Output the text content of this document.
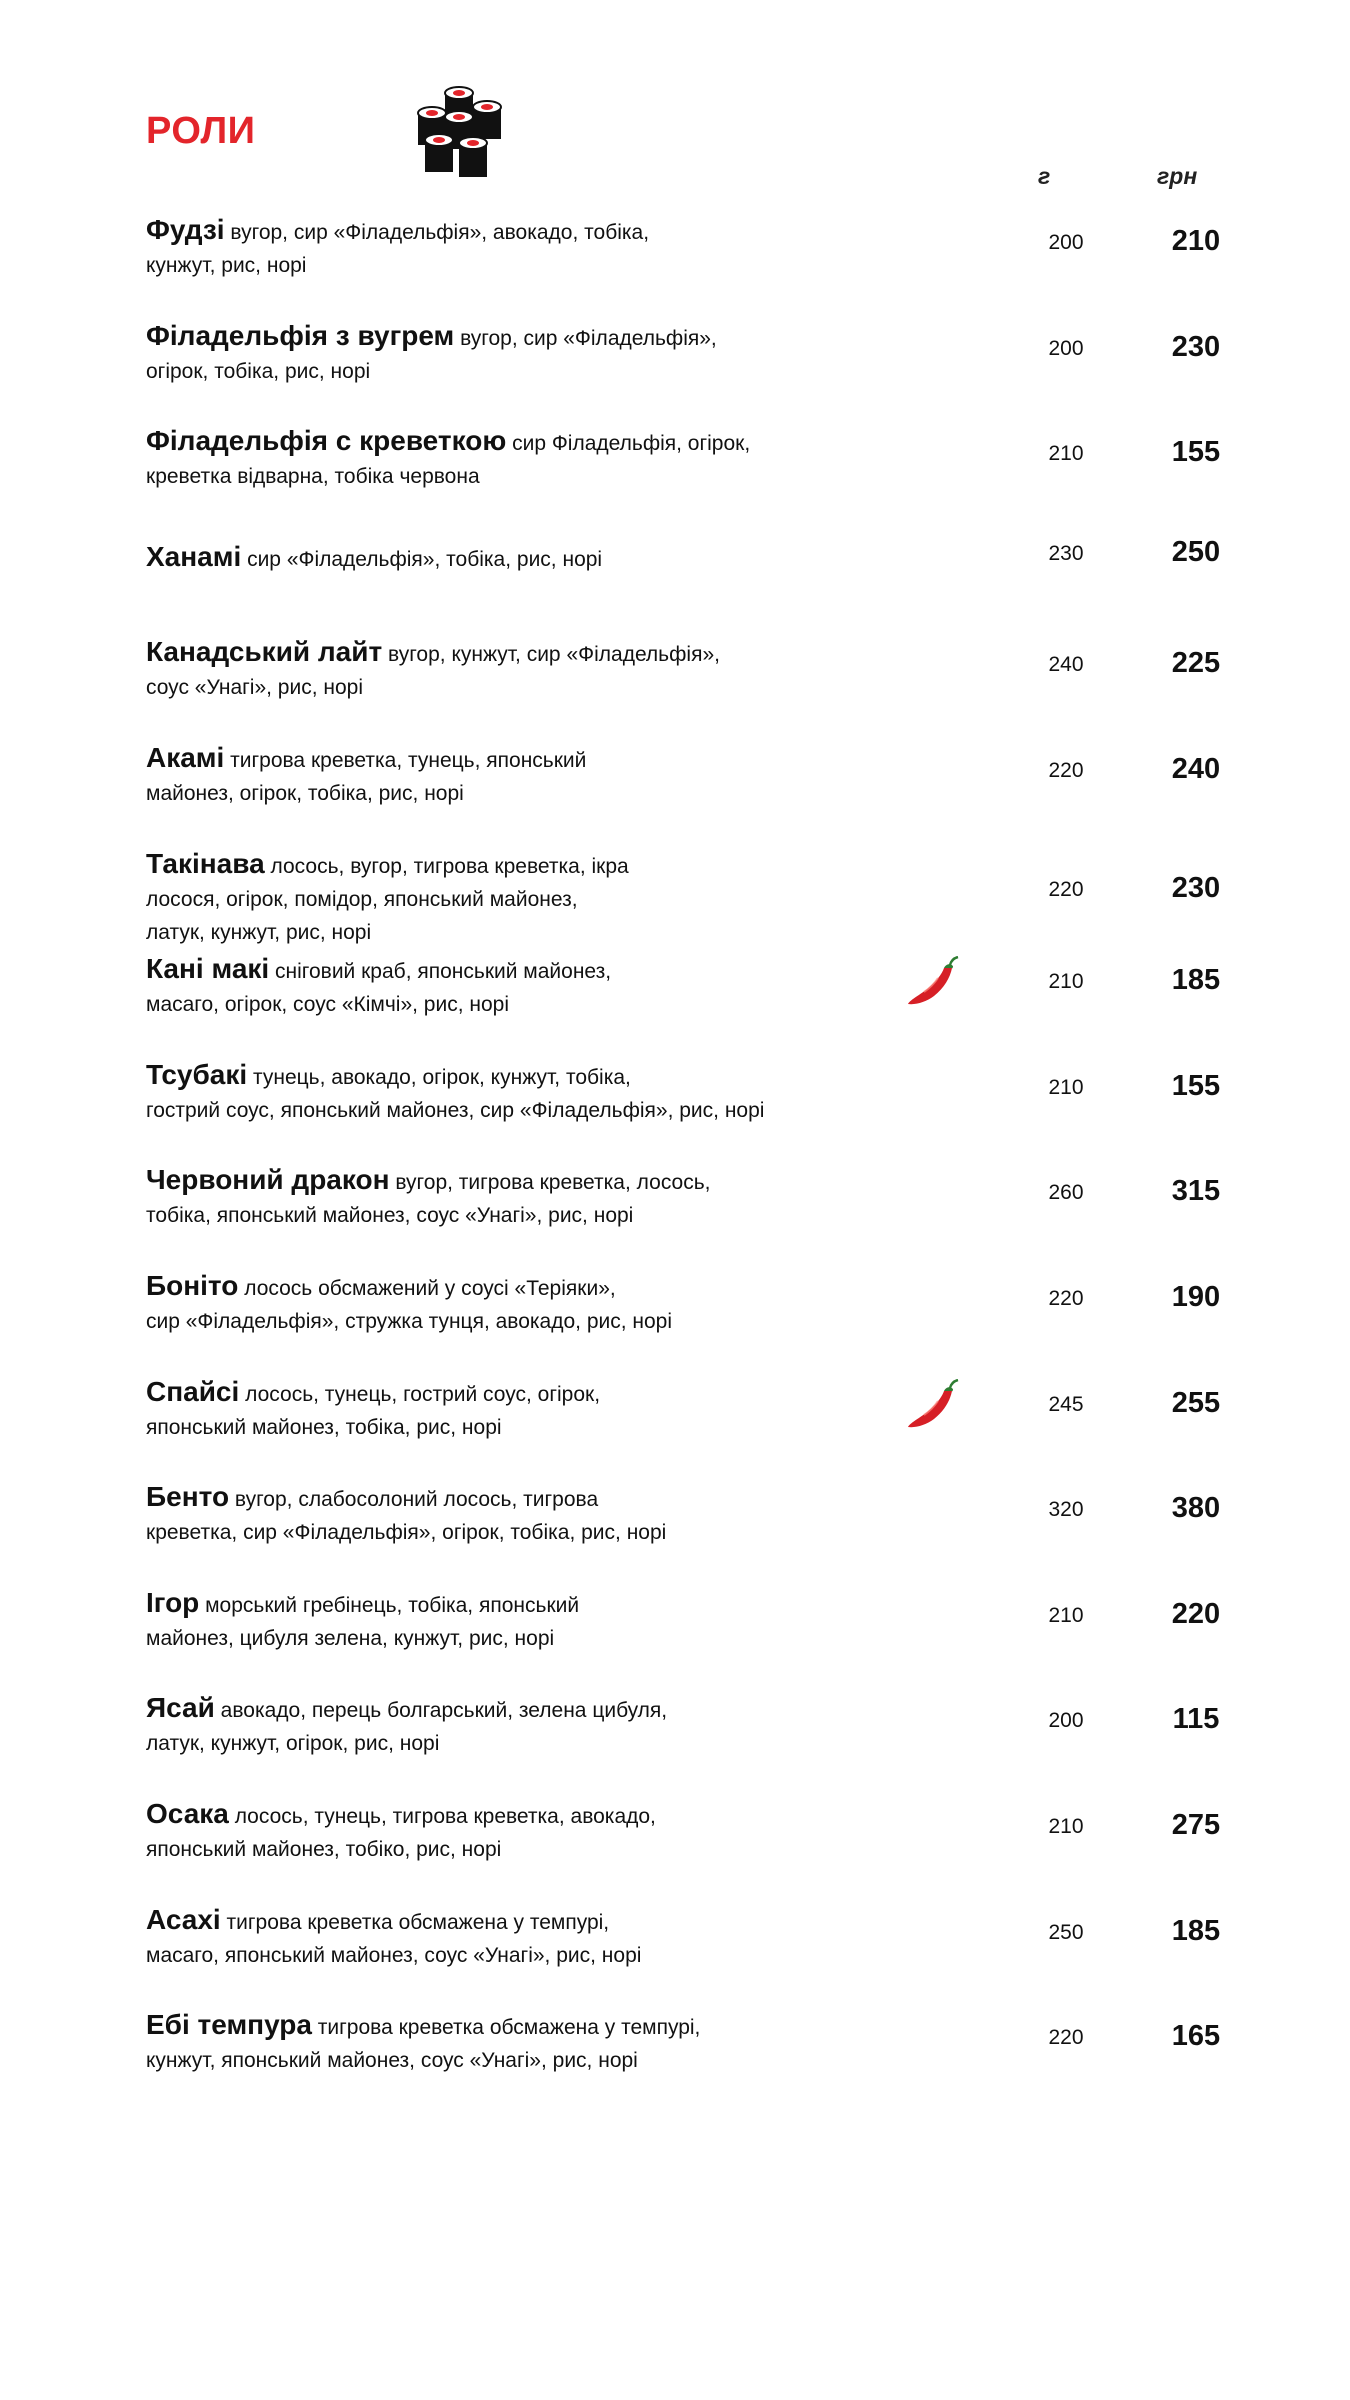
РОЛИ
г	грн
Фудзі вугор, сир «Філадельфія», авокадо, тобіка,
кунжут, рис, норі
200	210
Філадельфія з вугрем вугор, сир «Філадельфія»,
огірок, тобіка, рис, норі
200	230
Філадельфія с креветкою сир Філадельфія, огірок,
креветка відварна, тобіка червона
210	155
Ханамі сир «Філадельфія», тобіка, рис, норі	230	250
Канадський лайт вугор, кунжут, сир «Філадельфія»,
соус «Унагі», рис, норі
240	225
Акамі тигрова креветка, тунець, японський
майонез, огірок, тобіка, рис, норі
220	240
Такінава лосось, вугор, тигрова креветка, ікра
лосося, огірок, помідор, японський майонез,
латук, кунжут, рис, норі
220	230
Кані макі сніговий краб, японський майонез,
масаго, огірок, соус «Кімчі», рис, норі
210	185
Тсубакі тунець, авокадо, огірок, кунжут, тобіка,
гострий соус, японський майонез, сир «Філадельфія», рис, норі
210	155
Червоний дракон вугор, тигрова креветка, лосось,
тобіка, японський майонез, соус «Унагі», рис, норі
260	315
Боніто лосось обсмажений у соусі «Теріяки»,
сир «Філадельфія», стружка тунця, авокадо, рис, норі
220	190
Спайсі лосось, тунець, гострий соус, огірок,
японський майонез, тобіка, рис, норі
245	255
Бенто вугор, слабосолоний лосось, тигрова
креветка, сир «Філадельфія», огірок, тобіка, рис, норі
320	380
Ігор морський гребінець, тобіка, японський
майонез, цибуля зелена, кунжут, рис, норі
210	220
Ясай авокадо, перець болгарський, зелена цибуля,
латук, кунжут, огірок, рис, норі
200	115
Осака лосось, тунець, тигрова креветка, авокадо,
японський майонез, тобіко, рис, норі
210	275
Асахі тигрова креветка обсмажена у темпурі,
масаго, японський майонез, соус «Унагі», рис, норі
250	185
Ебі темпура тигрова креветка обсмажена у темпурі,
кунжут, японський майонез, соус «Унагі», рис, норі
220	165
